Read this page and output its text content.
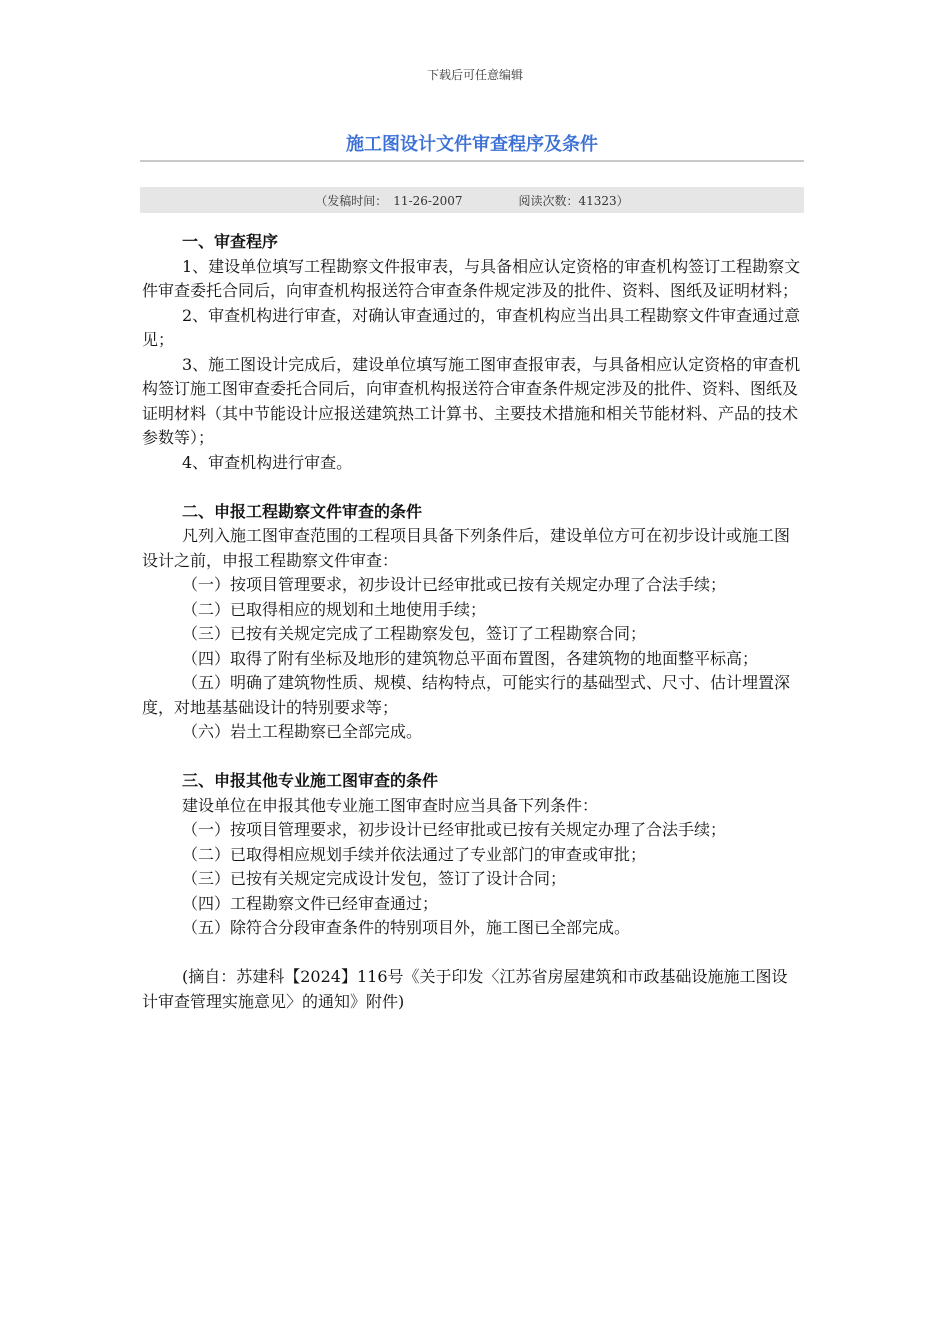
下载后可任意编辑
施工图设计文件审查程序及条件
（发稿时间：　11-26-2007	阅读次数：41323）
一、审查程序

1、建设单位填写工程勘察文件报审表，与具备相应认定资格的审查机构签订工程勘察文件审查委托合同后，向审查机构报送符合审查条件规定涉及的批件、资料、图纸及证明材料；

2、审查机构进行审查，对确认审查通过的，审查机构应当出具工程勘察文件审查通过意见；

3、施工图设计完成后，建设单位填写施工图审查报审表，与具备相应认定资格的审查机构签订施工图审查委托合同后，向审查机构报送符合审查条件规定涉及的批件、资料、图纸及证明材料（其中节能设计应报送建筑热工计算书、主要技术措施和相关节能材料、产品的技术参数等）；

4、审查机构进行审查。

二、申报工程勘察文件审查的条件

凡列入施工图审查范围的工程项目具备下列条件后，建设单位方可在初步设计或施工图设计之前，申报工程勘察文件审查：

（一）按项目管理要求，初步设计已经审批或已按有关规定办理了合法手续；

（二）已取得相应的规划和土地使用手续；

（三）已按有关规定完成了工程勘察发包，签订了工程勘察合同；

（四）取得了附有坐标及地形的建筑物总平面布置图，各建筑物的地面整平标高；

（五）明确了建筑物性质、规模、结构特点，可能实行的基础型式、尺寸、估计埋置深度，对地基基础设计的特别要求等；

（六）岩土工程勘察已全部完成。

三、申报其他专业施工图审查的条件

建设单位在申报其他专业施工图审查时应当具备下列条件：

（一）按项目管理要求，初步设计已经审批或已按有关规定办理了合法手续；

（二）已取得相应规划手续并依法通过了专业部门的审查或审批；

（三）已按有关规定完成设计发包，签订了设计合同；

（四）工程勘察文件已经审查通过；

（五）除符合分段审查条件的特别项目外，施工图已全部完成。

(摘自：苏建科【2024】116号《关于印发〈江苏省房屋建筑和市政基础设施施工图设计审查管理实施意见〉的通知》附件)
